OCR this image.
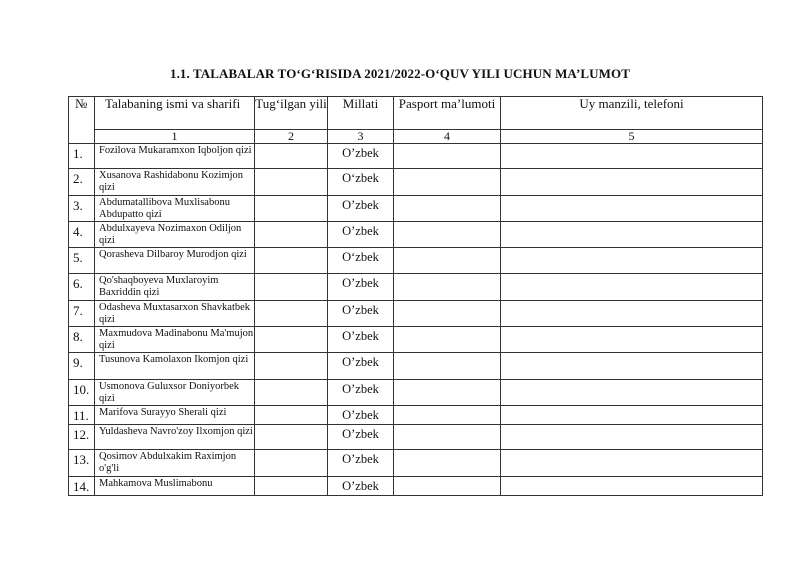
1.1. TALABALAR TO‘G‘RISIDA 2021/2022-O‘QUV YILI UCHUN MA’LUMOT
№	Talabaning ismi va sharifi	Tug‘ilgan yili	Millati	Pasport ma’lumoti	Uy manzili, telefoni
	1	2	3	4	5
1.	Fozilova Mukaramxon Iqboljon qizi		O’zbek		
2.	Xusanova Rashidabonu Kozimjon qizi		O‘zbek		
3.	Abdumatallibova Muxlisabonu Abdupatto qizi		O’zbek		
4.	Abdulxayeva Nozimaxon Odiljon qizi		O’zbek		
5.	Qorasheva Dilbaroy Murodjon qizi		O‘zbek		
6.	Qo'shaqboyeva Muxlaroyim Baxriddin qizi		O’zbek		
7.	Odasheva Muxtasarxon Shavkatbek qizi		O’zbek		
8.	Maxmudova Madinabonu Ma'mujon qizi		O’zbek		
9.	Tusunova Kamolaxon Ikomjon qizi		O’zbek		
10.	Usmonova Guluxsor Doniyorbek qizi		O’zbek		
11.	Marifova Surayyo Sherali qizi		O’zbek		
12.	Yuldasheva Navro'zoy Ilxomjon qizi		O’zbek		
13.	Qosimov Abdulxakim Raximjon o'g'li		O’zbek		
14.	Mahkamova Muslimabonu		O’zbek		
